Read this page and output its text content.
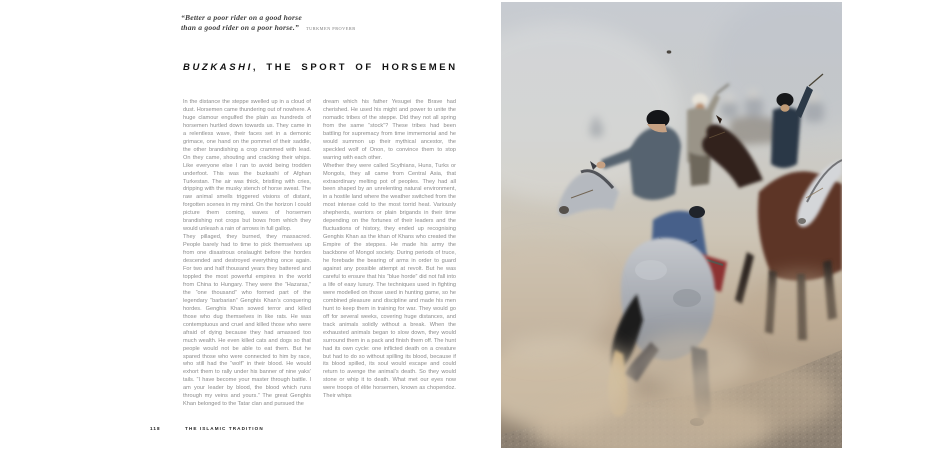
“Better a poor rider on a good horse
than a good rider on a poor horse.” TURKMEN PROVERB
BUZKASHI, THE SPORT OF HORSEMEN

In the distance the steppe swelled up in a cloud of dust. Horsemen came thundering out of nowhere. A huge clamour engulfed the plain as hundreds of horsemen hurtled down towards us. They came in a relentless wave, their faces set in a demonic grimace, one hand on the pommel of their saddle, the other brandishing a crop crammed with lead. On they came, shouting and cracking their whips. Like everyone else I ran to avoid being trodden underfoot. This was the buzkashi of Afghan Turkestan. The air was thick, bristling with cries, dripping with the musky stench of horse sweat. The raw animal smells triggered visions of distant, forgotten scenes in my mind. On the horizon I could picture them coming, waves of horsemen brandishing not crops but bows from which they would unleash a rain of arrows in full gallop.

They pillaged, they burned, they massacred. People barely had to time to pick themselves up from one disastrous onslaught before the hordes descended and destroyed everything once again. For two and half thousand years they battered and toppled the most powerful empires in the world from China to Hungary. They were the “Hazaras,” the “one thousand” who formed part of the legendary “barbarian” Genghis Khan’s conquering hordes. Genghis Khan sowed terror and killed those who dug themselves in like rats. He was contemptuous and cruel and killed those who were afraid of dying because they had amassed too much wealth. He even killed cats and dogs so that people would not be able to eat them. But he spared those who were connected to him by race, who still had the “wolf” in their blood. He would exhort them to rally under his banner of nine yaks’ tails. “I have become your master through battle. I am your leader by blood, the blood which runs through my veins and yours.” The great Genghis Khan belonged to the Tatar clan and pursued the

dream which his father Yesugei the Brave had cherished. He used his might and power to unite the nomadic tribes of the steppe. Did they not all spring from the same “stock”? These tribes had been battling for supremacy from time immemorial and he would summon up their mythical ancestor, the speckled wolf of Onon, to convince them to stop warring with each other.

Whether they were called Scythians, Huns, Turks or Mongols, they all came from Central Asia, that extraordinary melting pot of peoples. They had all been shaped by an unrelenting natural environment, in a hostile land where the weather switched from the most intense cold to the most torrid heat. Variously shepherds, warriors or plain brigands in their time depending on the fortunes of their leaders and the fluctuations of history, they ended up recognising Genghis Khan as the khan of Khans who created the Empire of the steppes. He made his army the backbone of Mongol society. During periods of truce, he forebade the bearing of arms in order to guard against any possible attempt at revolt. But he was careful to ensure that his “blue horde” did not fall into a life of easy luxury. The techniques used in fighting were modelled on those used in hunting game, so he combined pleasure and discipline and made his men hunt to keep them in training for war. They would go off for several weeks, covering huge distances, and track animals solidly without a break. When the exhausted animals began to slow down, they would surround them in a pack and finish them off. The hunt had its own cycle: one inflicted death on a creature but had to do so without spilling its blood, because if its blood spilled, its soul would escape and could return to avenge the animal’s death. So they would stone or whip it to death. What met our eyes now were troops of élite horsemen, known as chopendoz. Their whips

118	THE ISLAMIC TRADITION
